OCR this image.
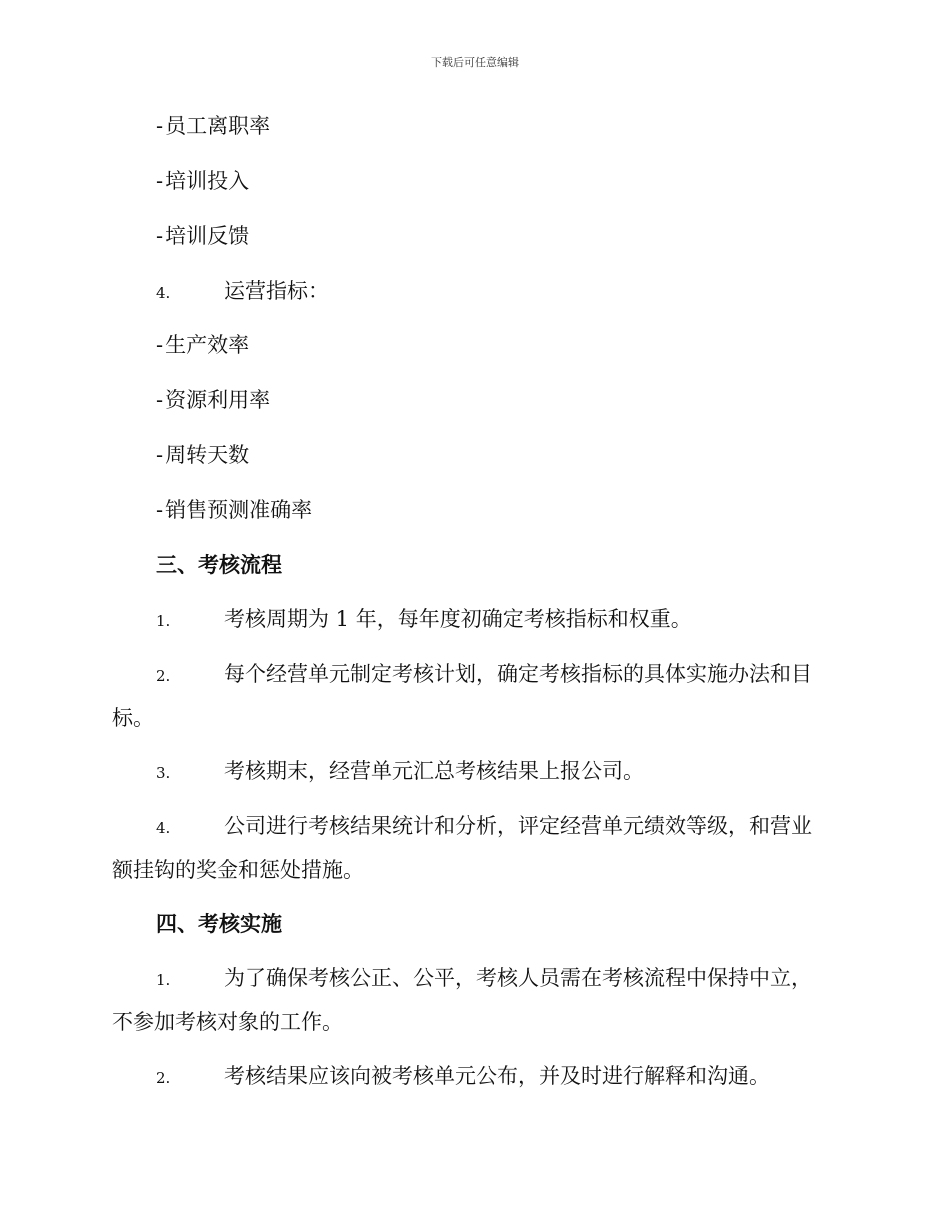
下载后可任意编辑
-员工离职率
-培训投入
-培训反馈
4.	运营指标：
-生产效率
-资源利用率
-周转天数
-销售预测准确率
三、考核流程
1.	考核周期为 1 年，每年度初确定考核指标和权重。
2.	每个经营单元制定考核计划，确定考核指标的具体实施办法和目
标。
3.	考核期末，经营单元汇总考核结果上报公司。
4.	公司进行考核结果统计和分析，评定经营单元绩效等级，和营业
额挂钩的奖金和惩处措施。
四、考核实施
1.	为了确保考核公正、公平，考核人员需在考核流程中保持中立，
不参加考核对象的工作。
2.	考核结果应该向被考核单元公布，并及时进行解释和沟通。
